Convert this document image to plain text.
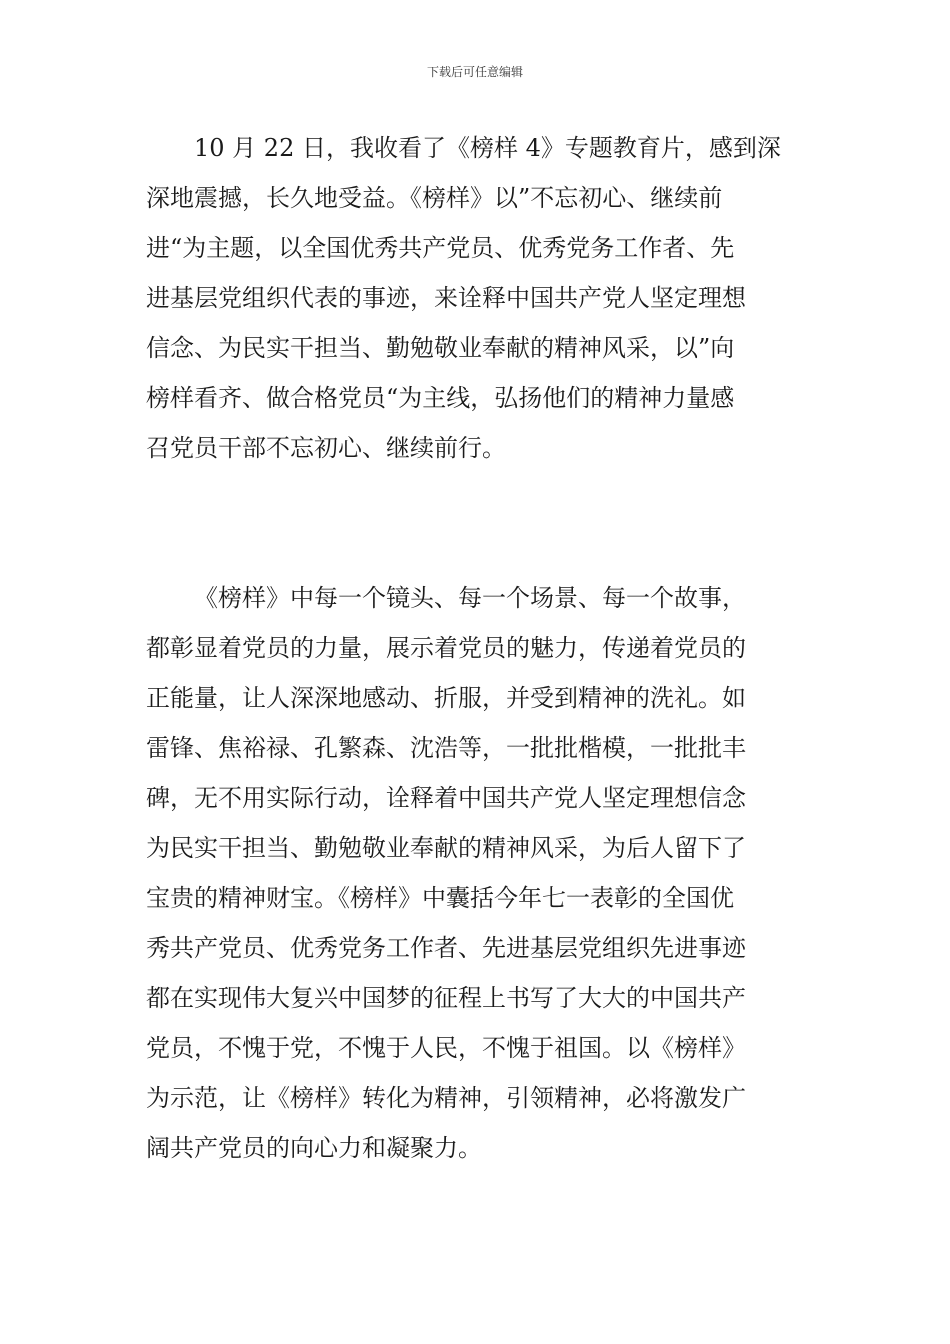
下载后可任意编辑
10 月 22 日，我收看了《榜样 4》专题教育片，感到深
深地震撼，长久地受益。《榜样》以”不忘初心、继续前
进“为主题，以全国优秀共产党员、优秀党务工作者、先
进基层党组织代表的事迹，来诠释中国共产党人坚定理想
信念、为民实干担当、勤勉敬业奉献的精神风采，以”向
榜样看齐、做合格党员“为主线，弘扬他们的精神力量感
召党员干部不忘初心、继续前行。
《榜样》中每一个镜头、每一个场景、每一个故事，
都彰显着党员的力量，展示着党员的魅力，传递着党员的
正能量，让人深深地感动、折服，并受到精神的洗礼。如
雷锋、焦裕禄、孔繁森、沈浩等，一批批楷模，一批批丰
碑，无不用实际行动，诠释着中国共产党人坚定理想信念
为民实干担当、勤勉敬业奉献的精神风采，为后人留下了
宝贵的精神财宝。《榜样》中囊括今年七一表彰的全国优
秀共产党员、优秀党务工作者、先进基层党组织先进事迹
都在实现伟大复兴中国梦的征程上书写了大大的中国共产
党员，不愧于党，不愧于人民，不愧于祖国。以《榜样》
为示范，让《榜样》转化为精神，引领精神，必将激发广
阔共产党员的向心力和凝聚力。
